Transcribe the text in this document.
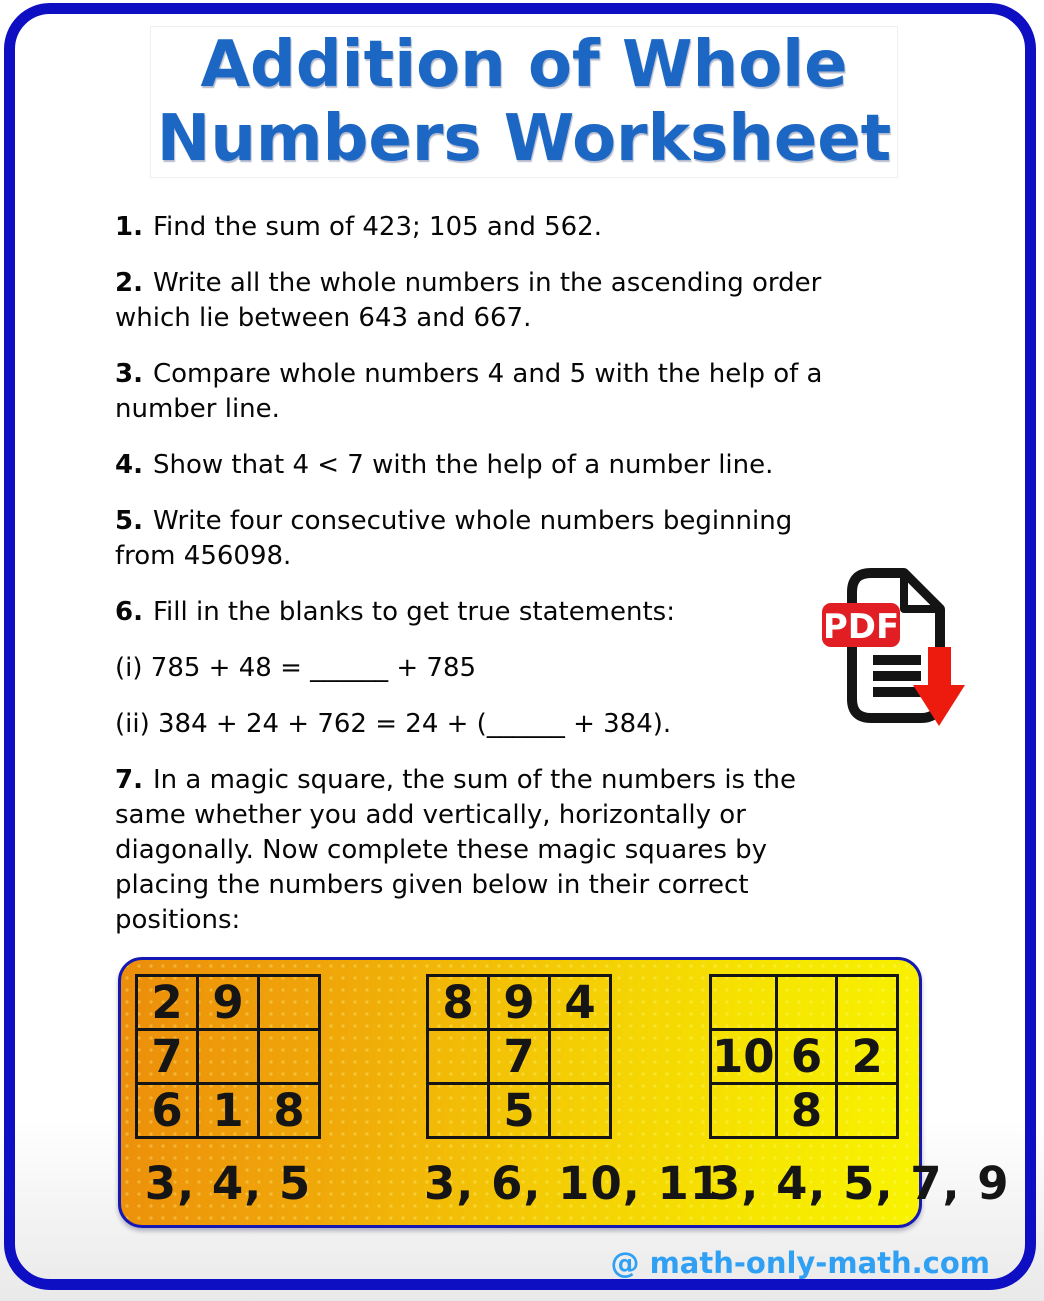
Addition of Whole
Numbers Worksheet
1. Find the sum of 423; 105 and 562.
2. Write all the whole numbers in the ascending order
which lie between 643 and 667.
3. Compare whole numbers 4 and 5 with the help of a
number line.
4. Show that 4 < 7 with the help of a number line.
5. Write four consecutive whole numbers beginning
from 456098.
6. Fill in the blanks to get true statements:
(i) 785 + 48 = ______ + 785
(ii) 384 + 24 + 762 = 24 + (______ + 384).
7. In a magic square, the sum of the numbers is the
same whether you add vertically, horizontally or
diagonally. Now complete these magic squares by
placing the numbers given below in their correct
positions:
PDF
2	9	
7		
6	1	8
3, 4, 5
8	9	4
	7	
	5	
3, 6, 10, 11

10	6	2
	8	
3, 4, 5, 7, 9
@ math-only-math.com
